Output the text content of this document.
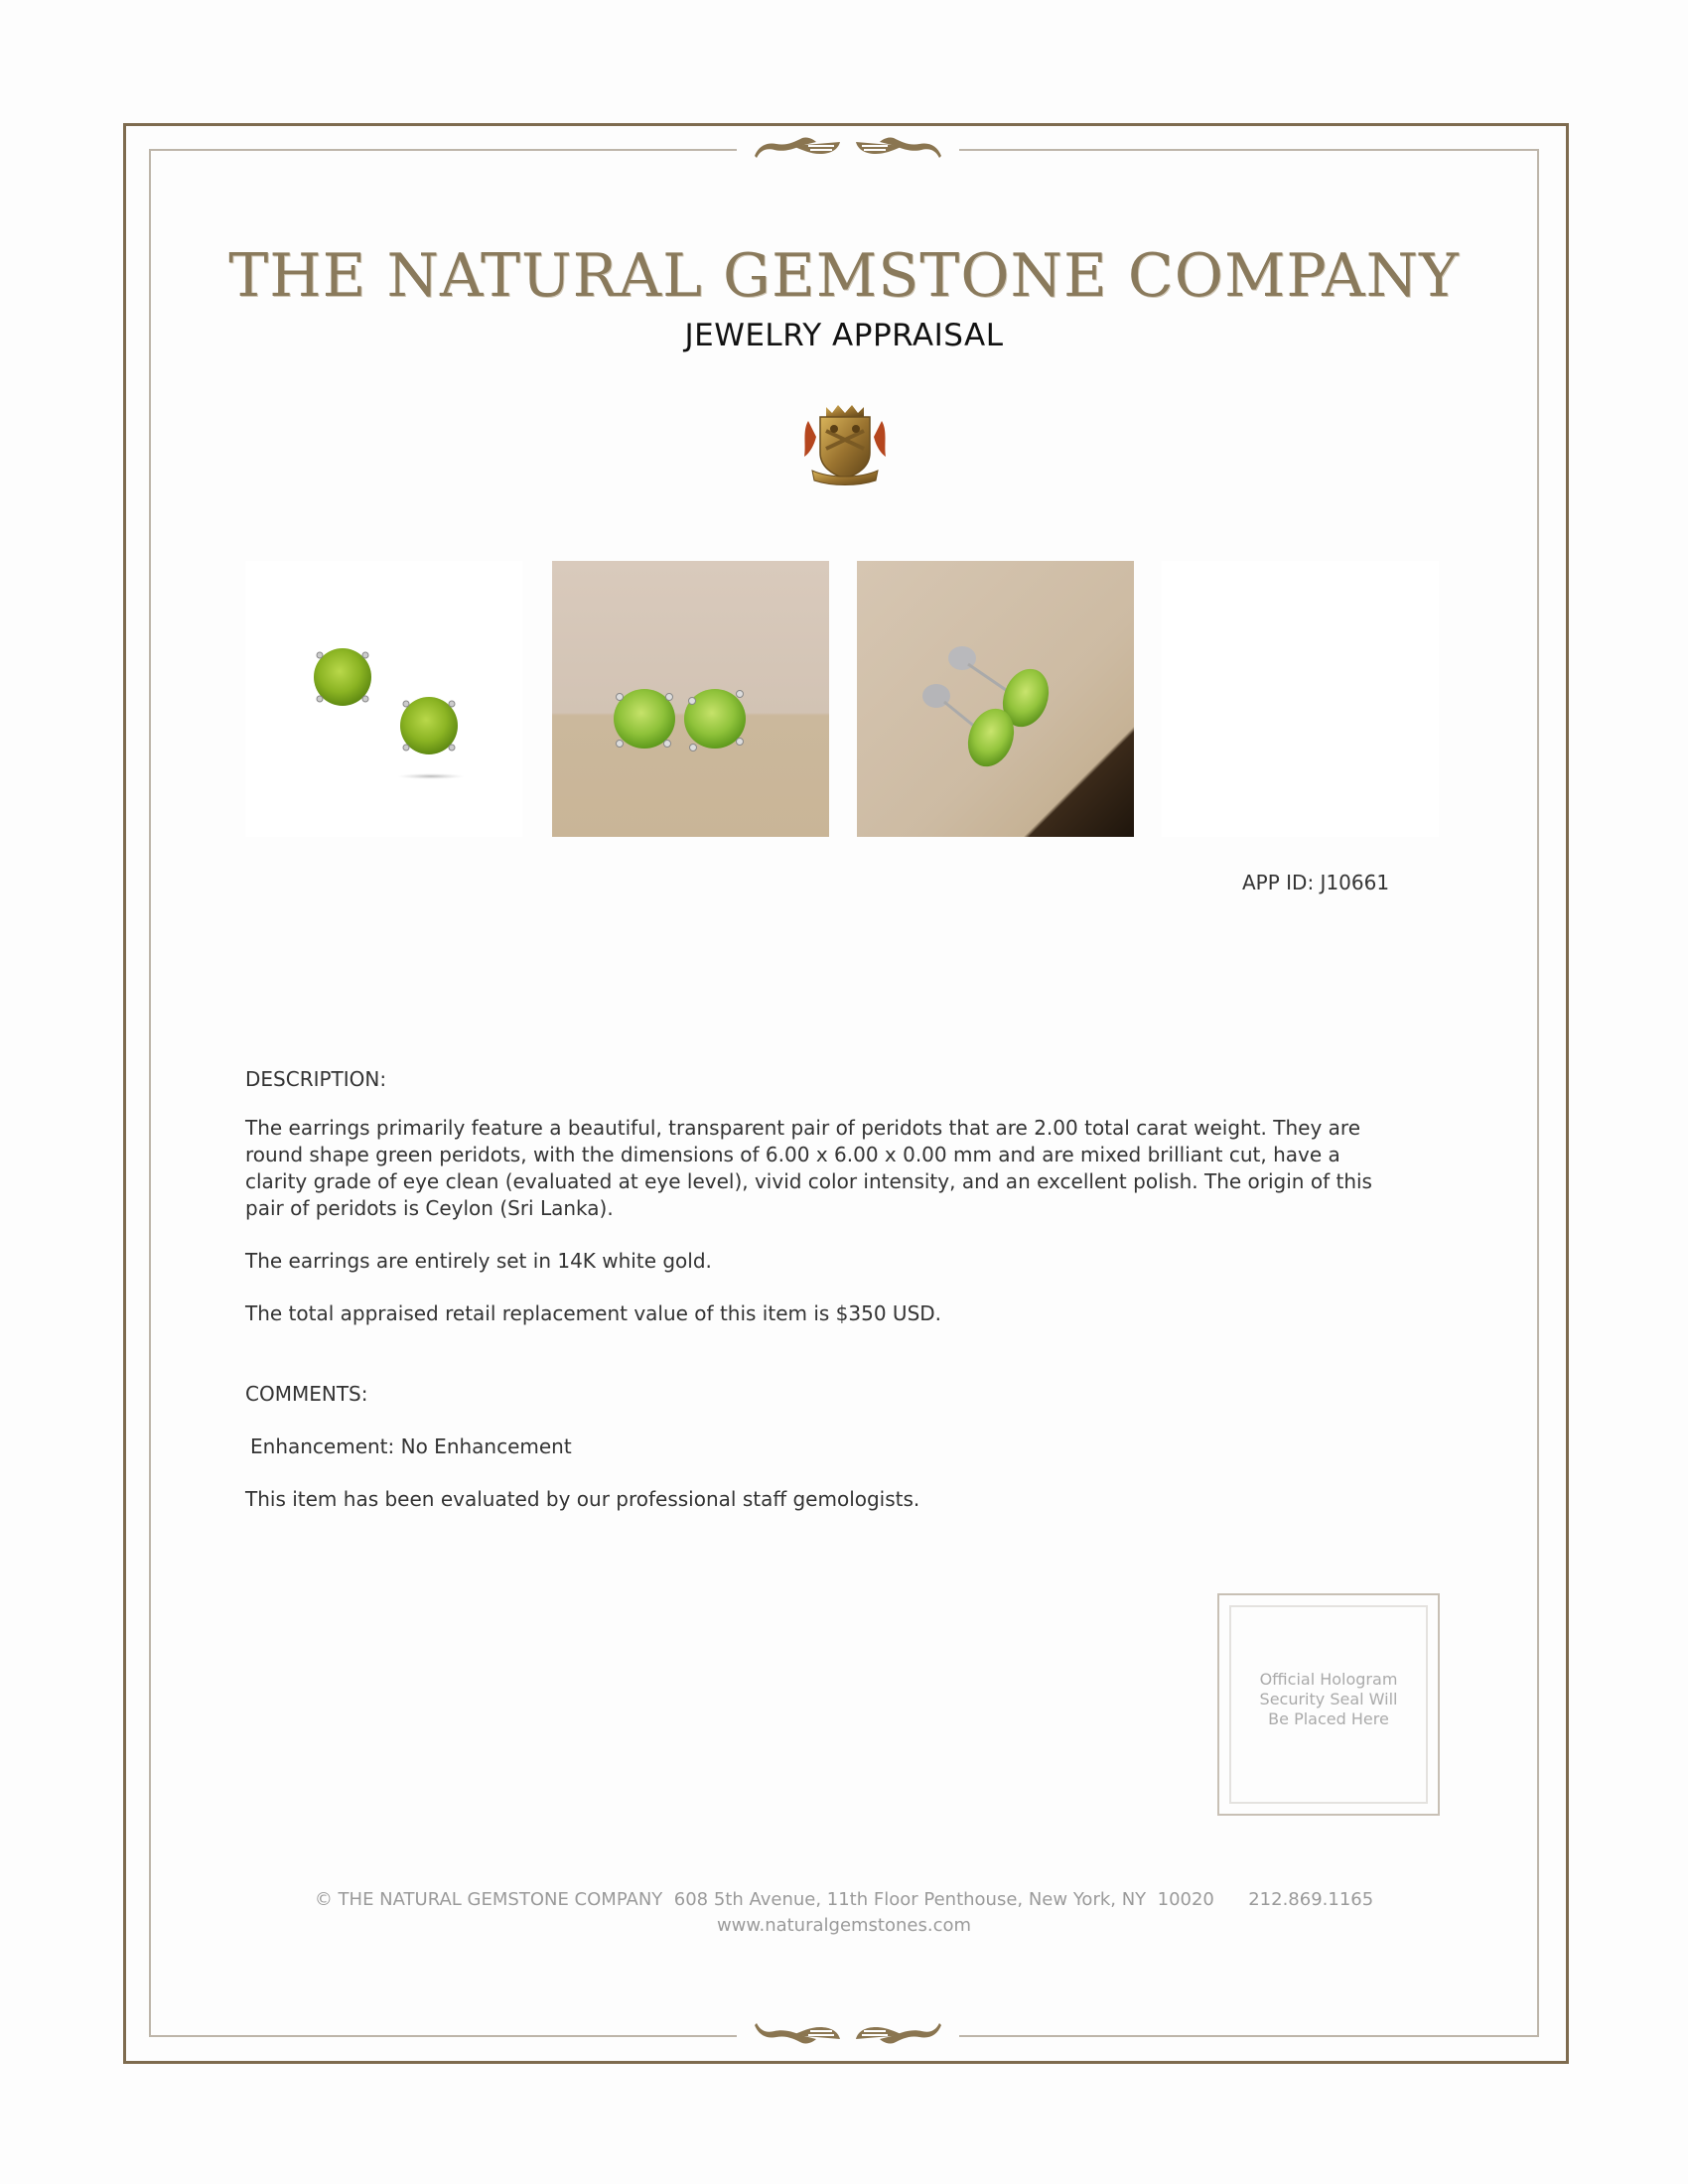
THE NATURAL GEMSTONE COMPANY
JEWELRY APPRAISAL
APP ID: J10661
DESCRIPTION:
The earrings primarily feature a beautiful, transparent pair of peridots that are 2.00 total carat weight. They are
round shape green peridots, with the dimensions of 6.00 x 6.00 x 0.00 mm and are mixed brilliant cut, have a
clarity grade of eye clean (evaluated at eye level), vivid color intensity, and an excellent polish. The origin of this
pair of peridots is Ceylon (Sri Lanka).
The earrings are entirely set in 14K white gold.
The total appraised retail replacement value of this item is $350 USD.
COMMENTS:
Enhancement: No Enhancement
This item has been evaluated by our professional staff gemologists.
Official Hologram
Security Seal Will
Be Placed Here
© THE NATURAL GEMSTONE COMPANY  608 5th Avenue, 11th Floor Penthouse, New York, NY  10020      212.869.1165
www.naturalgemstones.com
